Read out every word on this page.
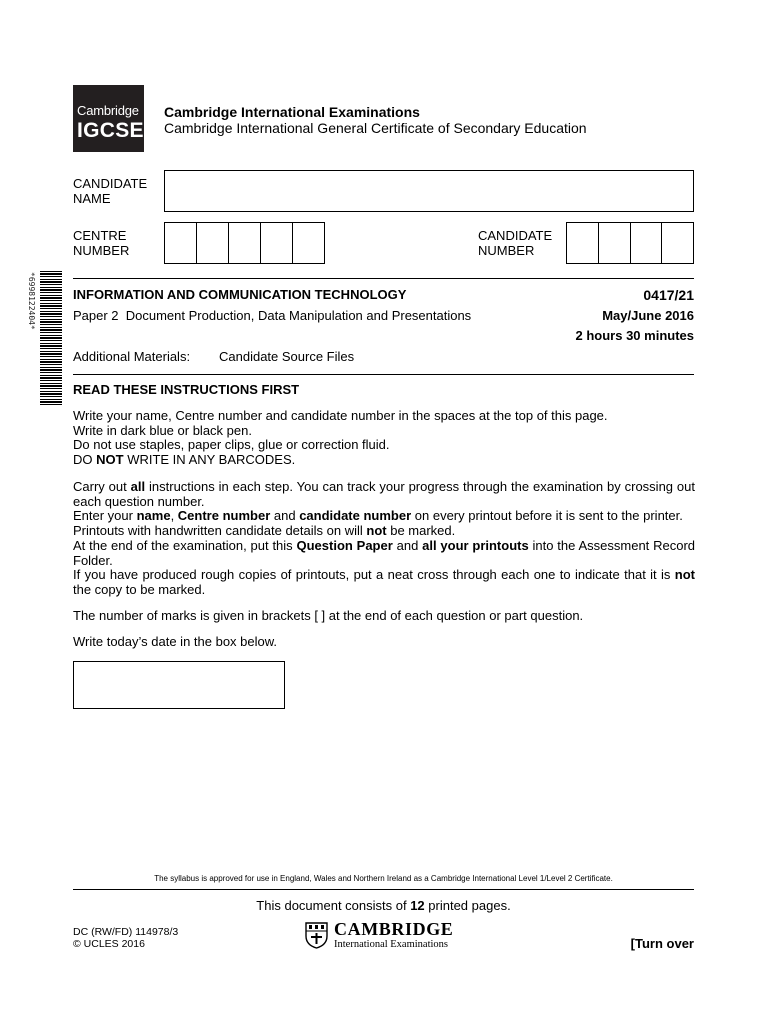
*6998122404*
Cambridge
IGCSE
Cambridge International Examinations
Cambridge International General Certificate of Secondary Education
CANDIDATE NAME
CENTRE NUMBER
CANDIDATE NUMBER
INFORMATION AND COMMUNICATION TECHNOLOGY	0417/21
Paper 2  Document Production, Data Manipulation and Presentations	May/June 2016
2 hours 30 minutes
Additional Materials: Candidate Source Files
READ THESE INSTRUCTIONS FIRST

Write your name, Centre number and candidate number in the spaces at the top of this page.

Write in dark blue or black pen.

Do not use staples, paper clips, glue or correction fluid.

DO NOT WRITE IN ANY BARCODES.

Carry out all instructions in each step. You can track your progress through the examination by crossing out each question number.

Enter your name, Centre number and candidate number on every printout before it is sent to the printer.

Printouts with handwritten candidate details on will not be marked.

At the end of the examination, put this Question Paper and all your printouts into the Assessment Record Folder.

If you have produced rough copies of printouts, put a neat cross through each one to indicate that it is not the copy to be marked.

The number of marks is given in brackets [ ] at the end of each question or part question.
Write today’s date in the box below.
The syllabus is approved for use in England, Wales and Northern Ireland as a Cambridge International Level 1/Level 2 Certificate.
This document consists of 12 printed pages.
DC (RW/FD) 114978/3
© UCLES 2016
CAMBRIDGE
International Examinations	[Turn over
